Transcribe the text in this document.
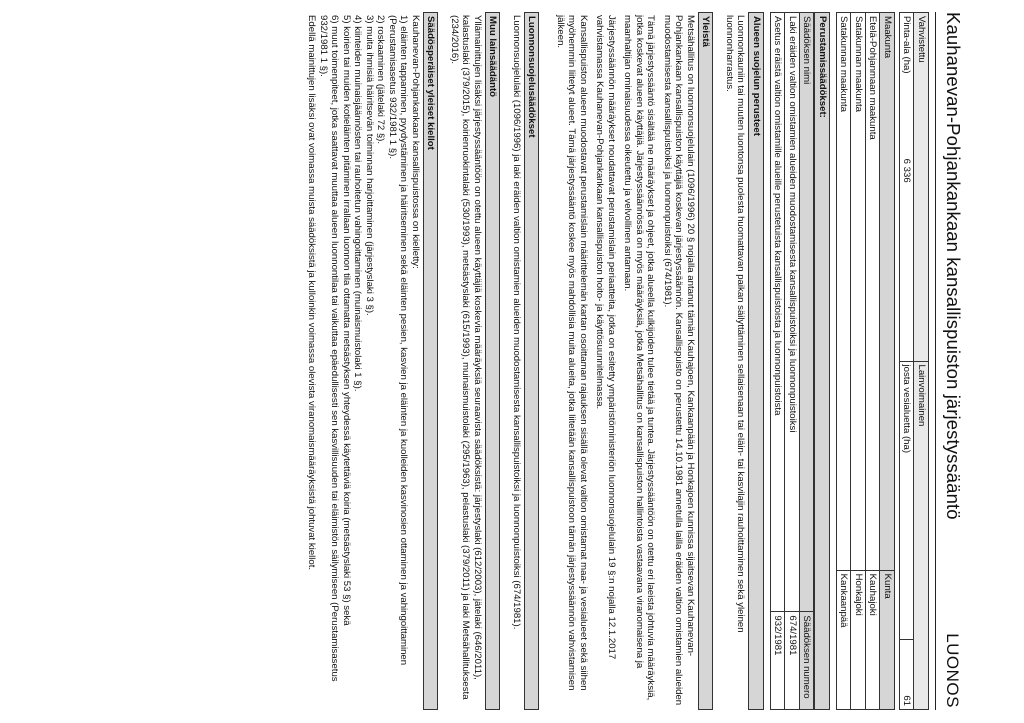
Kauhanevan-Pohjankankaan kansallispuiston järjestyssääntö
LUONOS
Vahvistettu	Lainvoimainen	
Pinta-ala (ha) 6 336	josta vesialuetta (ha)	61
Maakunta	Kunta
Etelä-Pohjanmaan maakunta	Kauhajoki
Satakunnan maakunta	Honkajoki
Satakunnan maakunta	Kankaanpää
Perustamissäädökset:
Säädöksen nimi	Säädöksen numero
Laki eräiden valtion omistamien alueiden muodostamisesta kansallispuistoiksi ja luonnonpuistoiksi	674/1981
Asetus eräistä valtion omistamille alueille perustetuista kansallispuistoista ja luonnonpuistoista	932/1981
Alueen suojelun perusteet
Luonnonkauniin tai muuten luontonsa puolesta huomattavan paikan säilyttäminen sellaisenaan tai eläin- tai kasvilajin rauhoittaminen sekä yleinen luonnonharrastus.
Yleistä

Metsähallitus on luonnonsuojelulain (1096/1996) 20 § nojalla antanut tämän Kauhajoen, Kankaanpään ja Honkajoen kunnissa sijaitsevan Kauhanevan-Pohjankankaan kansallispuiston käyttäjiä koskevan järjestyssäännön. Kansallispuisto on perustettu 14.10.1981 annetulla lailla eräiden valtion omistamien alueiden muodostamisesta kansallispuistoiksi ja luonnonpuistoiksi (674/1981).

Tämä järjestyssääntö sisältää ne määräykset ja ohjeet, jotka alueella kulkijoiden tulee tietää ja tuntea. Järjestyssääntöön on otettu eri laeista johtuvia määräyksiä, jotka koskevat alueen käyttäjiä. Järjestyssäännössä on myös määräyksiä, jotka Metsähallitus on kansallispuiston hallintoista vastaavana viranomaisena ja maanhaltijan ominaisuudessa oikeutettu ja velvollinen antamaan.

Järjestyssäännön määräykset noudattavat perustamislain periaatteita, jotka on esitetty ympäristöministeriön luonnonsuojelulain 19 §:n nojalla 12.1.2017 vahvistamassa Kauhanevan-Pohjankankaan kansallispuiston hoito- ja käyttösuunnitelmassa.

Kansallispuiston alueen muodostavat perustamislain määrittelemän kartan osoittaman rajauksen sisällä olevat valtion omistamat maa- ja vesialueet sekä siihen myöhemmin liitetyt alueet. Tämä järjestyssääntö koskee myös mahdollisia muita alueita, jotka liitetään kansallispuistoon tämän järjestyssäännön vahvistamisen jälkeen.

Luonnonsuojelusäädökset
Luonnonsuojelulaki (1096/1996) ja laki eräiden valtion omistamien alueiden muodostamisesta kansallispuistoiksi ja luonnonpuistoiksi (674/1981).
Muu lainsäädäntö
Yllämainittujen lisäksi järjestyssääntöön on otettu alueen käyttäjiä koskevia määräyksiä seuraavista säädöksistä: järjestyslaki (612/2003), jätelaki (646/2011), kalastuslaki (379/2015), koirienruokintalaki (530/1993), metsästyslaki (615/1993), muinaismuistolaki (295/1963), pelastuslaki (379/2011) ja laki Metsähallituksesta (234/2016).
Säädösperäiset yleiset kiellot
Kauhanevan-Pohjankankaan kansallispuistossa on kielletty:
1) eläinten tappaminen, pyydystäminen ja häiritseminen sekä eläinten pesien, kasvien ja eläinten ja kuolleiden kasvinosien ottaminen ja vahingoittaminen (Perustamisasetus 932/1981 1 §).
2) roskaaminen (jätelaki 72 §).
3) muita ihmisiä häiritsevän toiminnan harjoittaminen (järjestyslaki 3 §).
4) kiinteiden muinaisjäännösten tai rauhoitetun vahingoittaminen (muinaismuistolaki 1 §).
5) koirien tai muiden kotieläinten pitäminen irrallaan luonnon tila ottamatta metsästyksen yhteydessä käytettäviä koiria (metsästyslaki 53 §) sekä
6) muut toimenpiteet, jotka saattavat muuttaa alueen luonnontilaa tai vaikuttaa epäedullisesti sen kasvillisuuden tai eläimistön säilymiseen (Perustamisasetus 932/1981 1 §).
Edellä mainittujen lisäksi ovat voimassa muista säädöksistä ja kulloinkin voimassa olevista viranomaismääräyksistä johtuvat kiellot.
